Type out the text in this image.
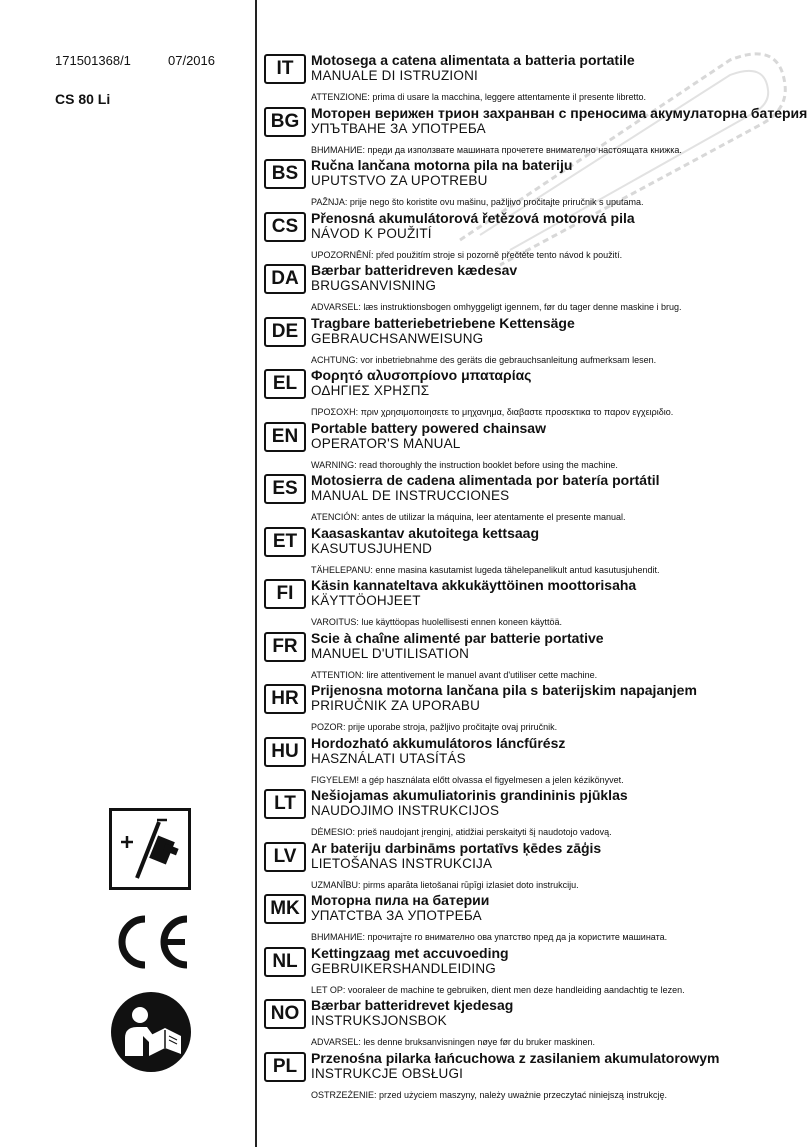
171501368/1	07/2016
CS 80 Li
IT	Motosega a catena alimentata a batteria portatile
MANUALE DI ISTRUZIONI
ATTENZIONE: prima di usare la macchina, leggere attentamente il presente libretto.
BG Моторен верижен трион захранван с преносима акумулаторна батерия
УПЪТВАНЕ ЗА УПОТРЕБА
ВНИМАНИЕ: преди да използвате машината прочетете внимателно настоящата книжка.
BS Ručna lančana motorna pila na bateriju
UPUTSTVO ZA UPOTREBU
PAŽNJA: prije nego što koristite ovu mašinu, pažljivo pročitajte priručnik s uputama.
CS Přenosná akumulátorová řetězová motorová pila
NÁVOD K POUŽITÍ
UPOZORNĚNÍ: před použitím stroje si pozorně přečtěte tento návod k použití.
DA Bærbar batteridreven kædesav
BRUGSANVISNING
ADVARSEL: læs instruktionsbogen omhyggeligt igennem, før du tager denne maskine i brug.
DE Tragbare batteriebetriebene Kettensäge
GEBRAUCHSANWEISUNG
ACHTUNG: vor inbetriebnahme des geräts die gebrauchsanleitung aufmerksam lesen.
EL Φορητό αλυσοπρίονο μπαταρίας
ΟΔΗΓΙΕΣ ΧΡΗΣΠΣ
ΠΡΟΣΟΧΗ: πριν χρησιμοποιησετε το μηχανημα, διαβαστε προσεκτικα το παρον εγχειριδιο.
EN Portable battery powered chainsaw
OPERATOR'S MANUAL
WARNING: read thoroughly the instruction booklet before using the machine.
ES Motosierra de cadena alimentada por batería portátil
MANUAL DE INSTRUCCIONES
ATENCIÓN: antes de utilizar la máquina, leer atentamente el presente manual.
ET Kaasaskantav akutoitega kettsaag
KASUTUSJUHEND
TÄHELEPANU: enne masina kasutamist lugeda tähelepanelikult antud kasutusjuhendit.
FI	Käsin kannateltava akkukäyttöinen moottorisaha
KÄYTTÖOHJEET
VAROITUS: lue käyttöopas huolellisesti ennen koneen käyttöä.
FR Scie à chaîne alimenté par batterie portative
MANUEL D'UTILISATION
ATTENTION: lire attentivement le manuel avant d'utiliser cette machine.
HR Prijenosna motorna lančana pila s baterijskim napajanjem
PRIRUČNIK ZA UPORABU
POZOR: prije uporabe stroja, pažljivo pročitajte ovaj priručnik.
HU Hordozható akkumulátoros láncfűrész
HASZNÁLATI UTASÍTÁS
FIGYELEM! a gép használata előtt olvassa el figyelmesen a jelen kézikönyvet.
LT	Nešiojamas akumuliatorinis grandininis pjūklas
NAUDOJIMO INSTRUKCIJOS
DĖMESIO: prieš naudojant įrenginį, atidžiai perskaityti šį naudotojo vadovą.
LV	Ar bateriju darbināms portatīvs ķēdes zāģis
LIETOŠANAS INSTRUKCIJA
UZMANĪBU: pirms aparāta lietošanai rūpīgi izlasiet doto instrukciju.
MK Моторна пила на батерии
УПАТСТВА ЗА УПОТРЕБА
ВНИМАНИЕ: прочитајте го внимателно ова упатство пред да ја користите машината.
NL Kettingzaag met accuvoeding
GEBRUIKERSHANDLEIDING
LET OP: vooraleer de machine te gebruiken, dient men deze handleiding aandachtig te lezen.
NO Bærbar batteridrevet kjedesag
INSTRUKSJONSBOK
ADVARSEL: les denne bruksanvisningen nøye før du bruker maskinen.
PL Przenośna pilarka łańcuchowa z zasilaniem akumulatorowym
INSTRUKCJE OBSŁUGI
OSTRZEŻENIE: przed użyciem maszyny, należy uważnie przeczytać niniejszą instrukcję.
